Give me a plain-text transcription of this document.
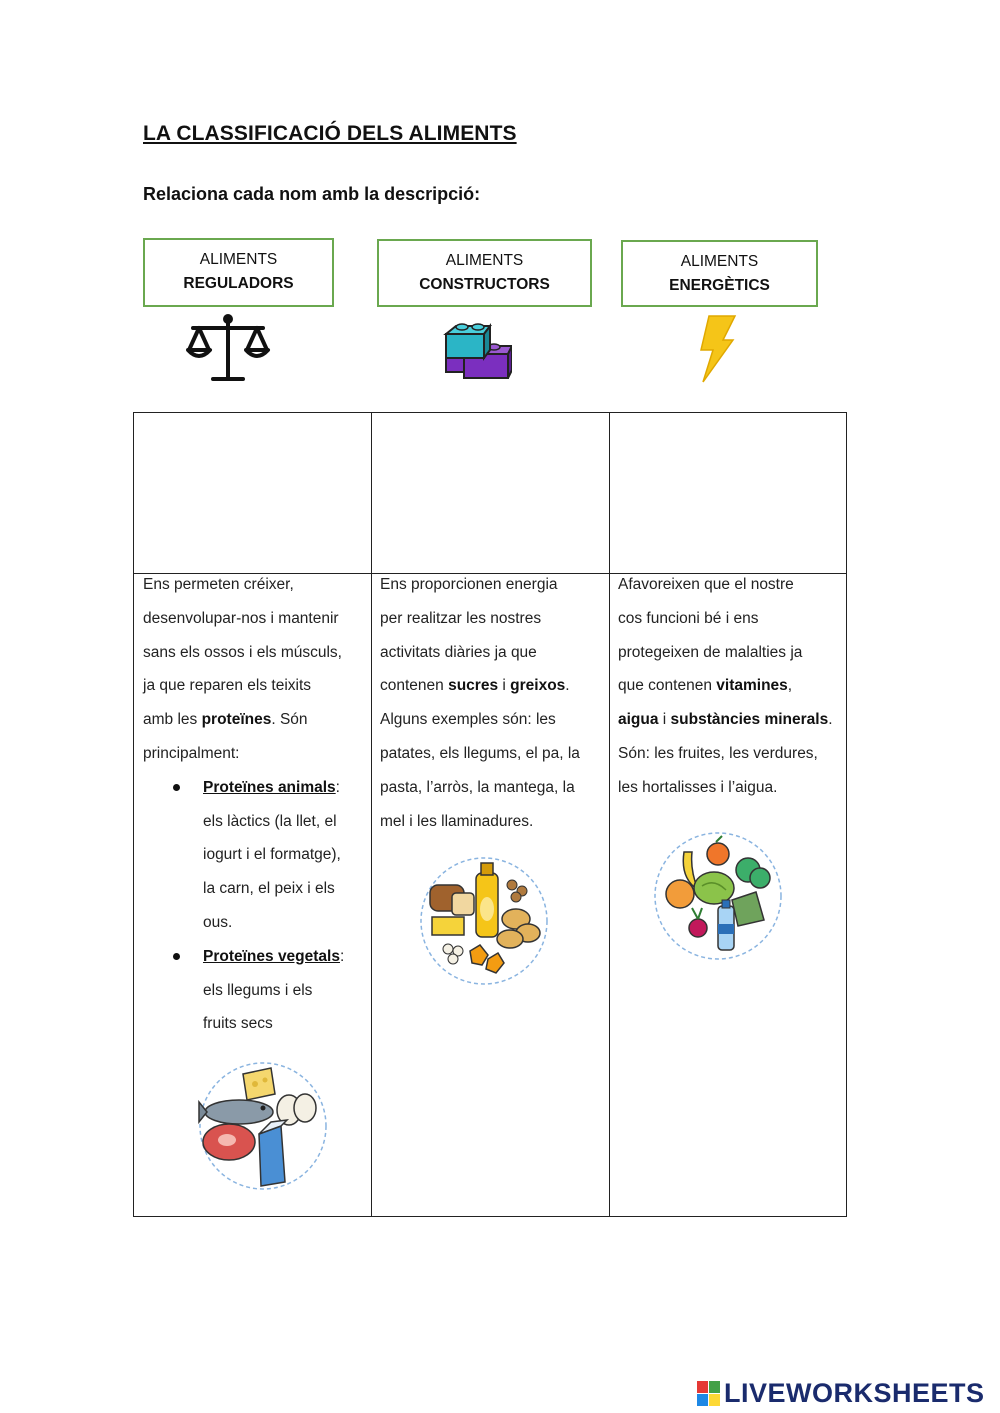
LA CLASSIFICACIÓ DELS ALIMENTS
Relaciona cada nom amb la descripció:
ALIMENTS
REGULADORS
ALIMENTS
CONSTRUCTORS
ALIMENTS
ENERGÈTICS
Ens permeten créixer,
desenvolupar-nos i mantenir
sans els ossos i els músculs,
ja que reparen els teixits
amb les proteïnes. Són
principalment:
Proteïnes animals:
els làctics (la llet, el
iogurt i el formatge),
la carn, el peix i els
ous.
Proteïnes vegetals:
els llegums i els
fruits secs
Ens proporcionen energia
per realitzar les nostres
activitats diàries ja que
contenen sucres i greixos.
Alguns exemples són: les
patates, els llegums, el pa, la
pasta, l’arròs, la mantega, la
mel i les llaminadures.
Afavoreixen que el nostre
cos funcioni bé i ens
protegeixen de malalties ja
que contenen vitamines,
aigua i substàncies minerals.
Són: les fruites, les verdures,
les hortalisses i l’aigua.
LIVEWORKSHEETS
